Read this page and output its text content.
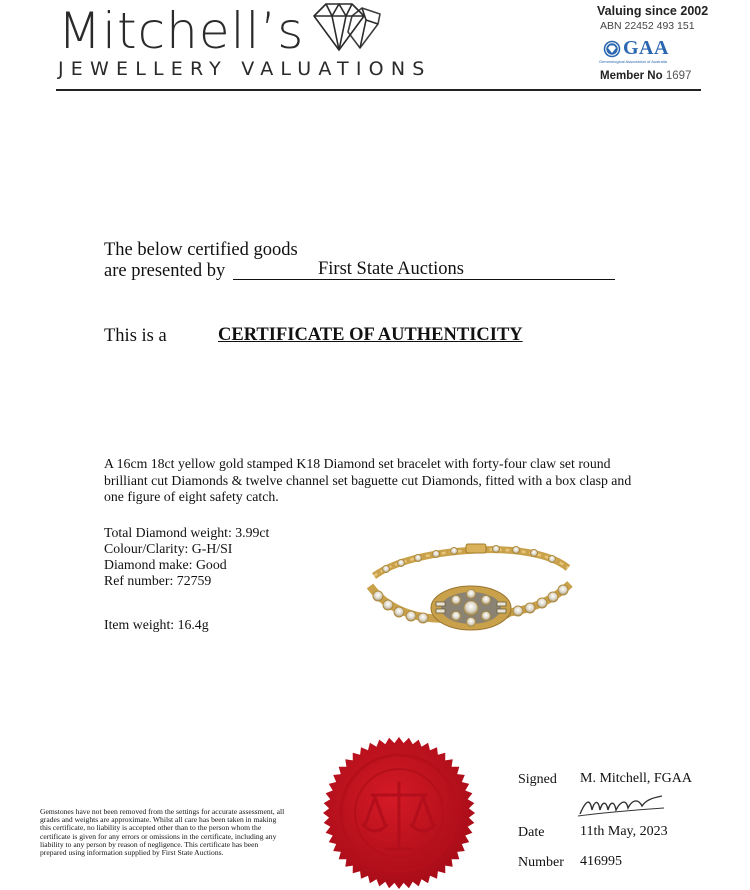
Mitchell’s
JEWELLERY VALUATIONS
Valuing since 2002
ABN 22452 493 151
GAA
Gemmological Association of Australia
Member No 1697
The below certified goods
are presented by	First State Auctions
This is a	CERTIFICATE OF AUTHENTICITY
A 16cm 18ct yellow gold stamped K18 Diamond set bracelet with forty-four claw set round brilliant cut Diamonds & twelve channel set baguette cut Diamonds, fitted with a box clasp and one figure of eight safety catch.
Total Diamond weight: 3.99ct
Colour/Clarity: G-H/SI
Diamond make: Good
Ref number: 72759
Item weight: 16.4g
Gemstones have not been removed from the settings for accurate assessment, all grades and weights are approximate. Whilst all care has been taken in making this certificate, no liability is accepted other than to the person whom the certificate is given for any errors or omissions in the certificate, including any liability to any person by reason of negligence. This certificate has been prepared using information supplied by First State Auctions.
Signed M. Mitchell, FGAA
Date	11th May, 2023
Number 416995
